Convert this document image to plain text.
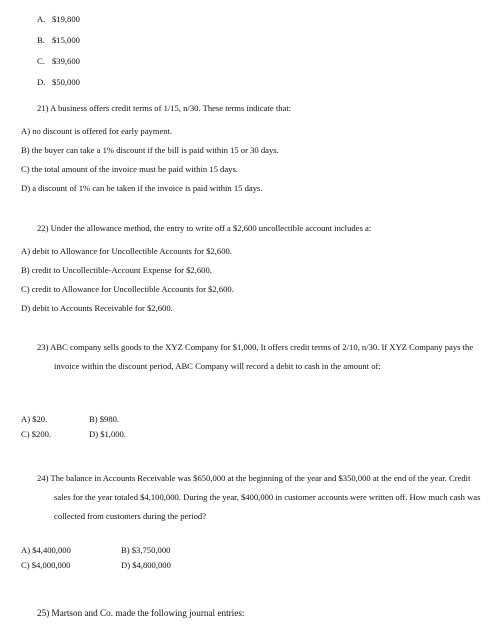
A. $19,800
B. $15,000
C. $39,600
D. $50,000
21) A business offers credit terms of 1/15, n/30. These terms indicate that:
A) no discount is offered for early payment.
B) the buyer can take a 1% discount if the bill is paid within 15 or 30 days.
C) the total amount of the invoice must be paid within 15 days.
D) a discount of 1% can be taken if the invoice is paid within 15 days.
22) Under the allowance method, the entry to write off a $2,600 uncollectible account includes a:
A) debit to Allowance for Uncollectible Accounts for $2,600.
B) credit to Uncollectible-Account Expense for $2,600.
C) credit to Allowance for Uncollectible Accounts for $2,600.
D) debit to Accounts Receivable for $2,600.
23) ABC company sells goods to the XYZ Company for $1,000, It offers credit terms of 2/10, n/30. If XYZ Company pays the invoice within the discount period, ABC Company will record a debit to cash in the amount of:
A) $20.	B) $980.
C) $200.	D) $1,000.
24) The balance in Accounts Receivable was $650,000 at the beginning of the year and $350,000 at the end of the year. Credit sales for the year totaled $4,100,000. During the year, $400,000 in customer accounts were written off. How much cash was collected from customers during the period?
A) $4,400,000	B) $3,750,000
C) $4,000,000	D) $4,800,000
25) Martson and Co. made the following journal entries:
